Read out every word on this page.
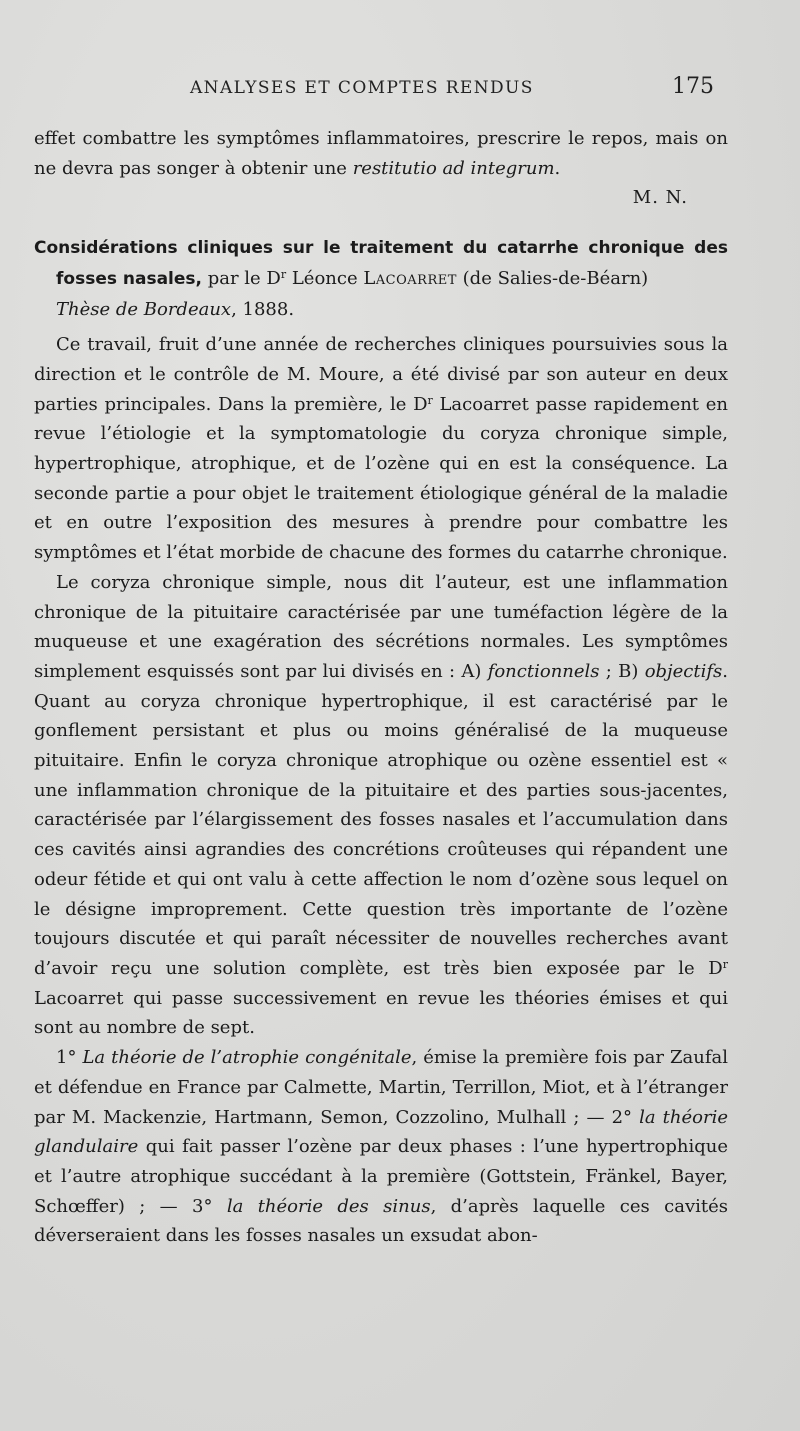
ANALYSES ET COMPTES RENDUS	175

effet combattre les symptômes inflammatoires, prescrire le repos, mais on ne devra pas songer à obtenir une restitutio ad integrum.

M. N.

Considérations cliniques sur le traitement du catarrhe chronique des fosses nasales, par le $D^r$ Léonce Lacoarret (de Salies-de-Béarn)
Thèse de Bordeaux, 1888.

Ce travail, fruit d’une année de recherches cliniques poursuivies sous la direction et le contrôle de M. Moure, a été divisé par son auteur en deux parties principales. Dans la première, le $D^r$ Lacoarret passe rapidement en revue l’étiologie et la symptomatologie du coryza chronique simple, hypertrophique, atrophique, et de l’ozène qui en est la conséquence. La seconde partie a pour objet le traitement étiologique général de la maladie et en outre l’exposition des mesures à prendre pour combattre les symptômes et l’état morbide de chacune des formes du catarrhe chronique.

Le coryza chronique simple, nous dit l’auteur, est une inflammation chronique de la pituitaire caractérisée par une tuméfaction légère de la muqueuse et une exagération des sécrétions normales. Les symptômes simplement esquissés sont par lui divisés en : A) fonctionnels ; B) objectifs. Quant au coryza chronique hypertrophique, il est caractérisé par le gonflement persistant et plus ou moins généralisé de la muqueuse pituitaire. Enfin le coryza chronique atrophique ou ozène essentiel est « une inflammation chronique de la pituitaire et des parties sous-jacentes, caractérisée par l’élargissement des fosses nasales et l’accumulation dans ces cavités ainsi agrandies des concrétions croûteuses qui répandent une odeur fétide et qui ont valu à cette affection le nom d’ozène sous lequel on le désigne improprement. Cette question très importante de l’ozène toujours discutée et qui paraît nécessiter de nouvelles recherches avant d’avoir reçu une solution complète, est très bien exposée par le $D^r$ Lacoarret qui passe successivement en revue les théories émises et qui sont au nombre de sept.

1° La théorie de l’atrophie congénitale, émise la première fois par Zaufal et défendue en France par Calmette, Martin, Terrillon, Miot, et à l’étranger par M. Mackenzie, Hartmann, Semon, Cozzolino, Mulhall ; — 2° la théorie glandulaire qui fait passer l’ozène par deux phases : l’une hypertrophique et l’autre atrophique succédant à la première (Gottstein, Fränkel, Bayer, Schœffer) ; — 3° la théorie des sinus, d’après laquelle ces cavités déverseraient dans les fosses nasales un exsudat abon-
